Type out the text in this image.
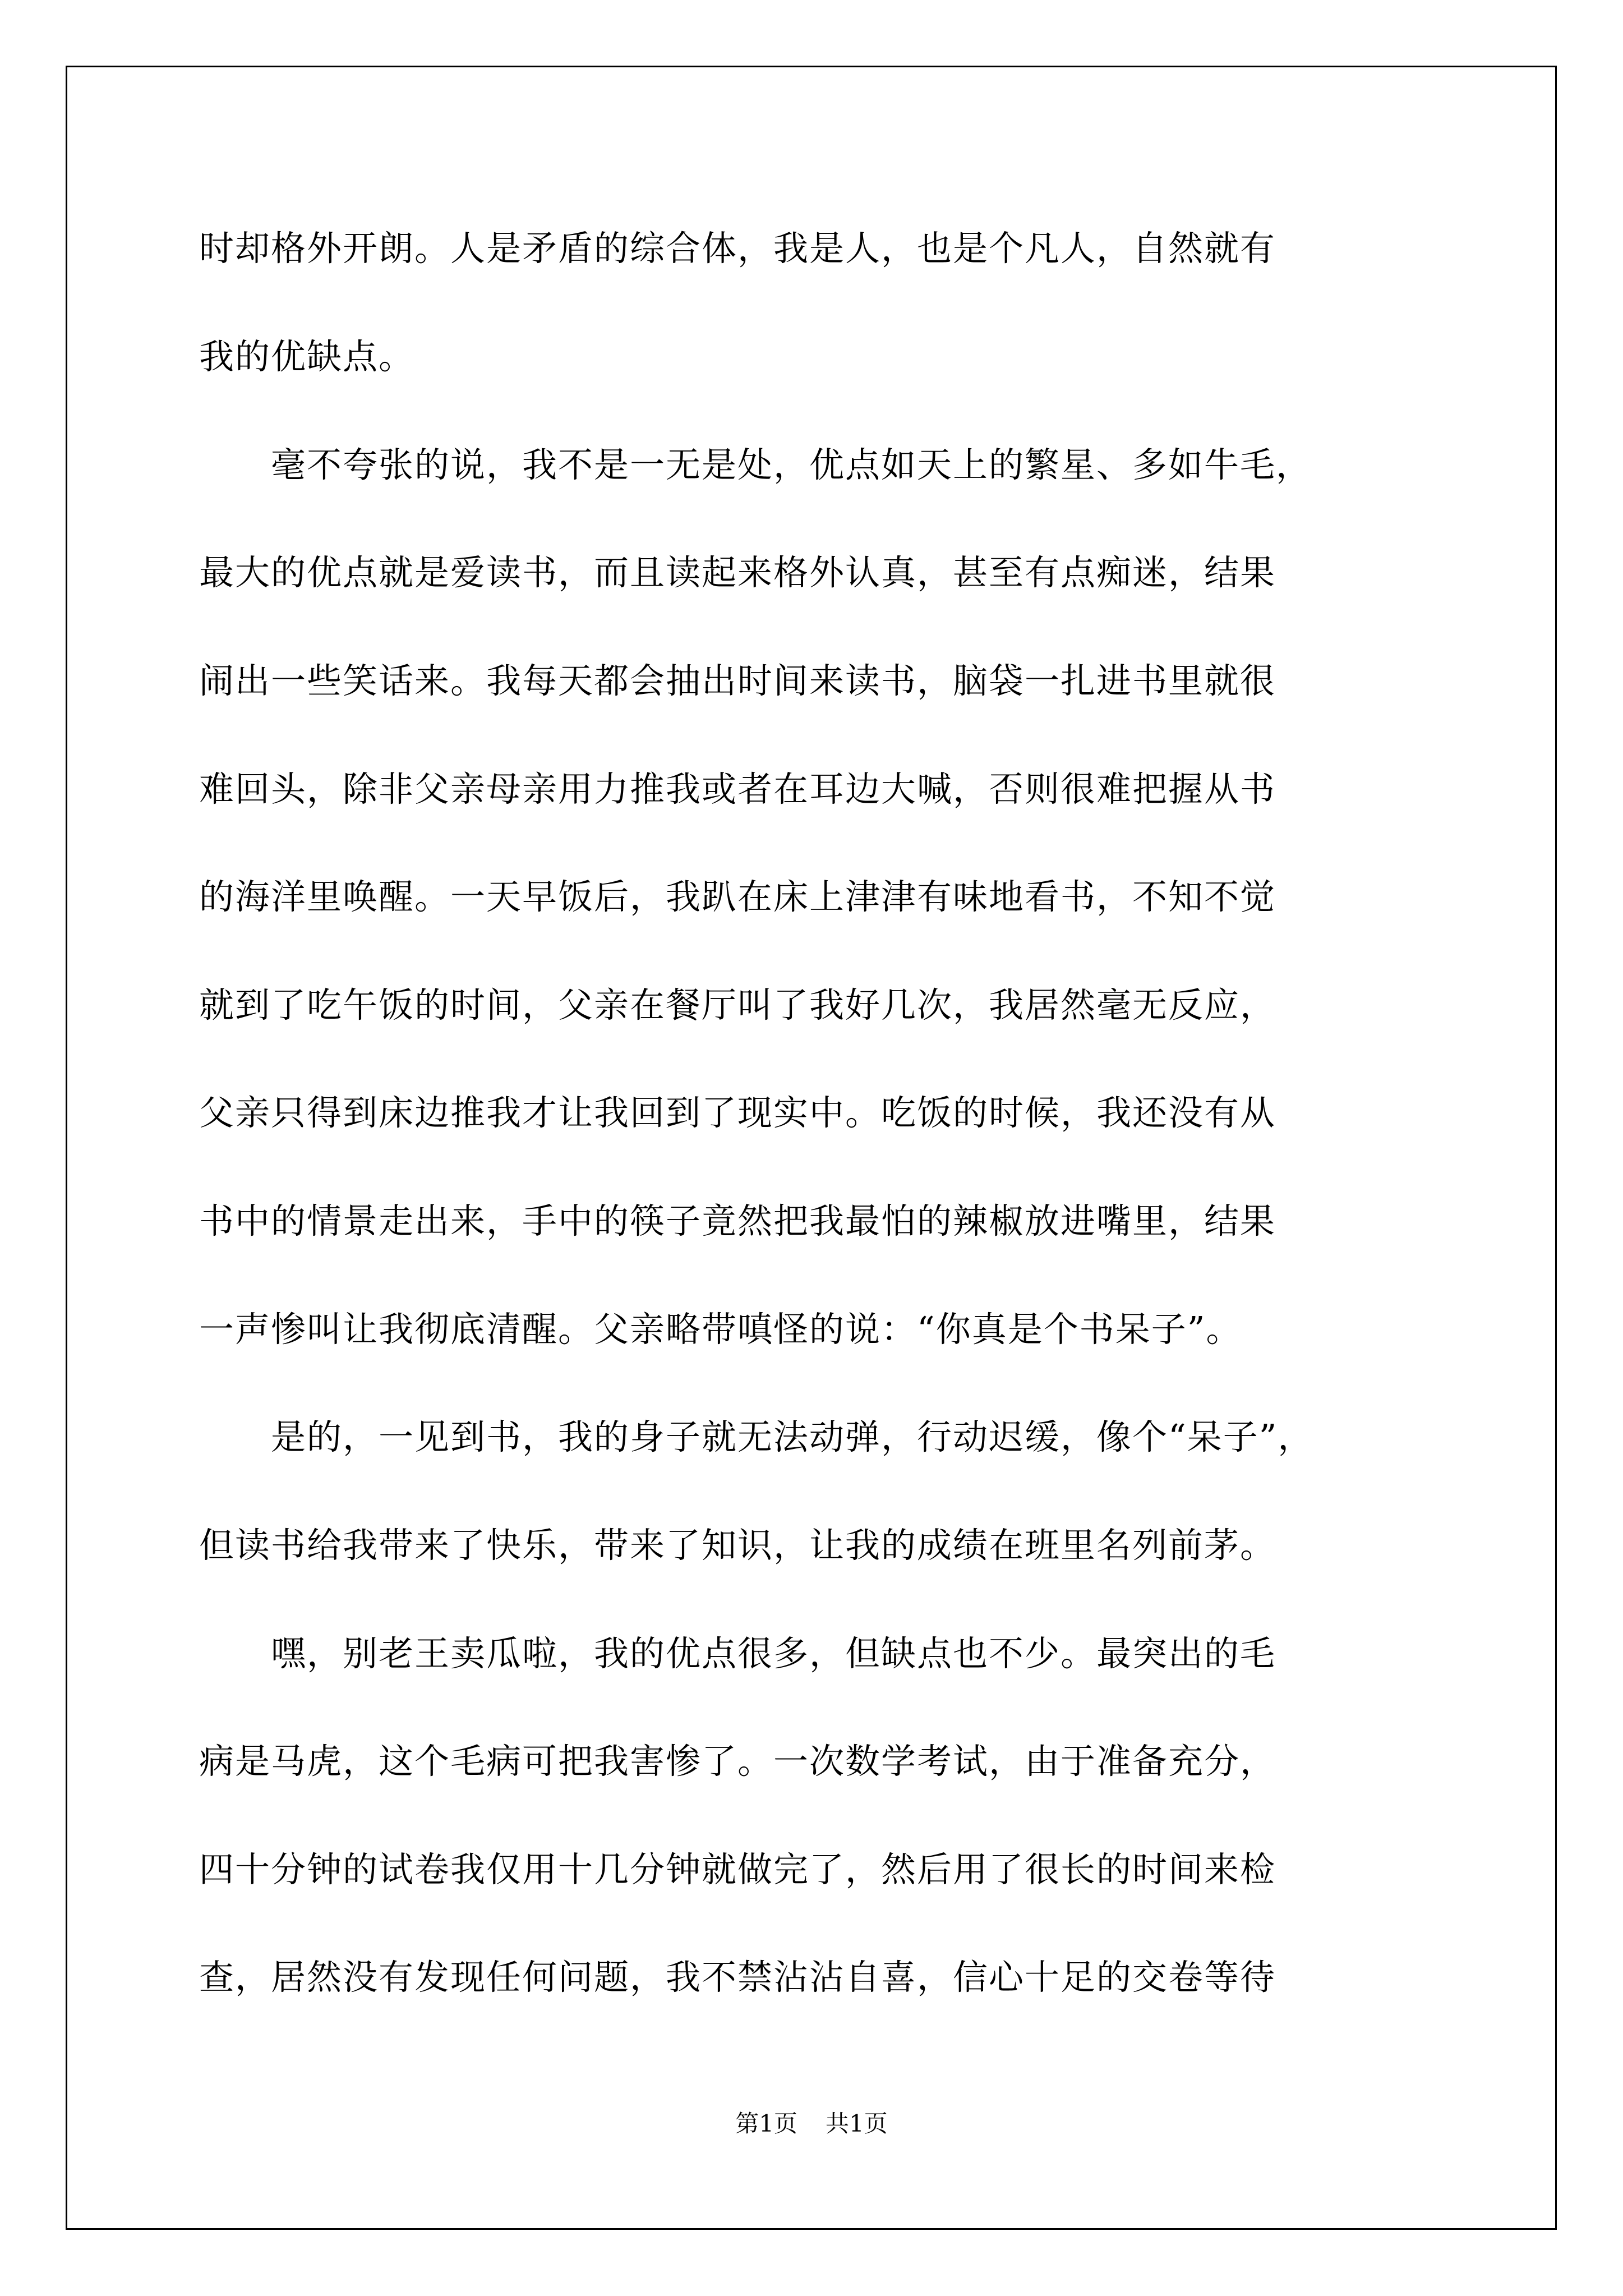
时却格外开朗。人是矛盾的综合体，我是人，也是个凡人，自然就有
我的优缺点。
　　毫不夸张的说，我不是一无是处，优点如天上的繁星、多如牛毛，
最大的优点就是爱读书，而且读起来格外认真，甚至有点痴迷，结果
闹出一些笑话来。我每天都会抽出时间来读书，脑袋一扎进书里就很
难回头，除非父亲母亲用力推我或者在耳边大喊，否则很难把握从书
的海洋里唤醒。一天早饭后，我趴在床上津津有味地看书，不知不觉
就到了吃午饭的时间，父亲在餐厅叫了我好几次，我居然毫无反应，
父亲只得到床边推我才让我回到了现实中。吃饭的时候，我还没有从
书中的情景走出来，手中的筷子竟然把我最怕的辣椒放进嘴里，结果
一声惨叫让我彻底清醒。父亲略带嗔怪的说：“你真是个书呆子”。
　　是的，一见到书，我的身子就无法动弹，行动迟缓，像个“呆子”，
但读书给我带来了快乐，带来了知识，让我的成绩在班里名列前茅。
　　嘿，别老王卖瓜啦，我的优点很多，但缺点也不少。最突出的毛
病是马虎，这个毛病可把我害惨了。一次数学考试，由于准备充分，
四十分钟的试卷我仅用十几分钟就做完了，然后用了很长的时间来检
查，居然没有发现任何问题，我不禁沾沾自喜，信心十足的交卷等待
第1页 共1页
